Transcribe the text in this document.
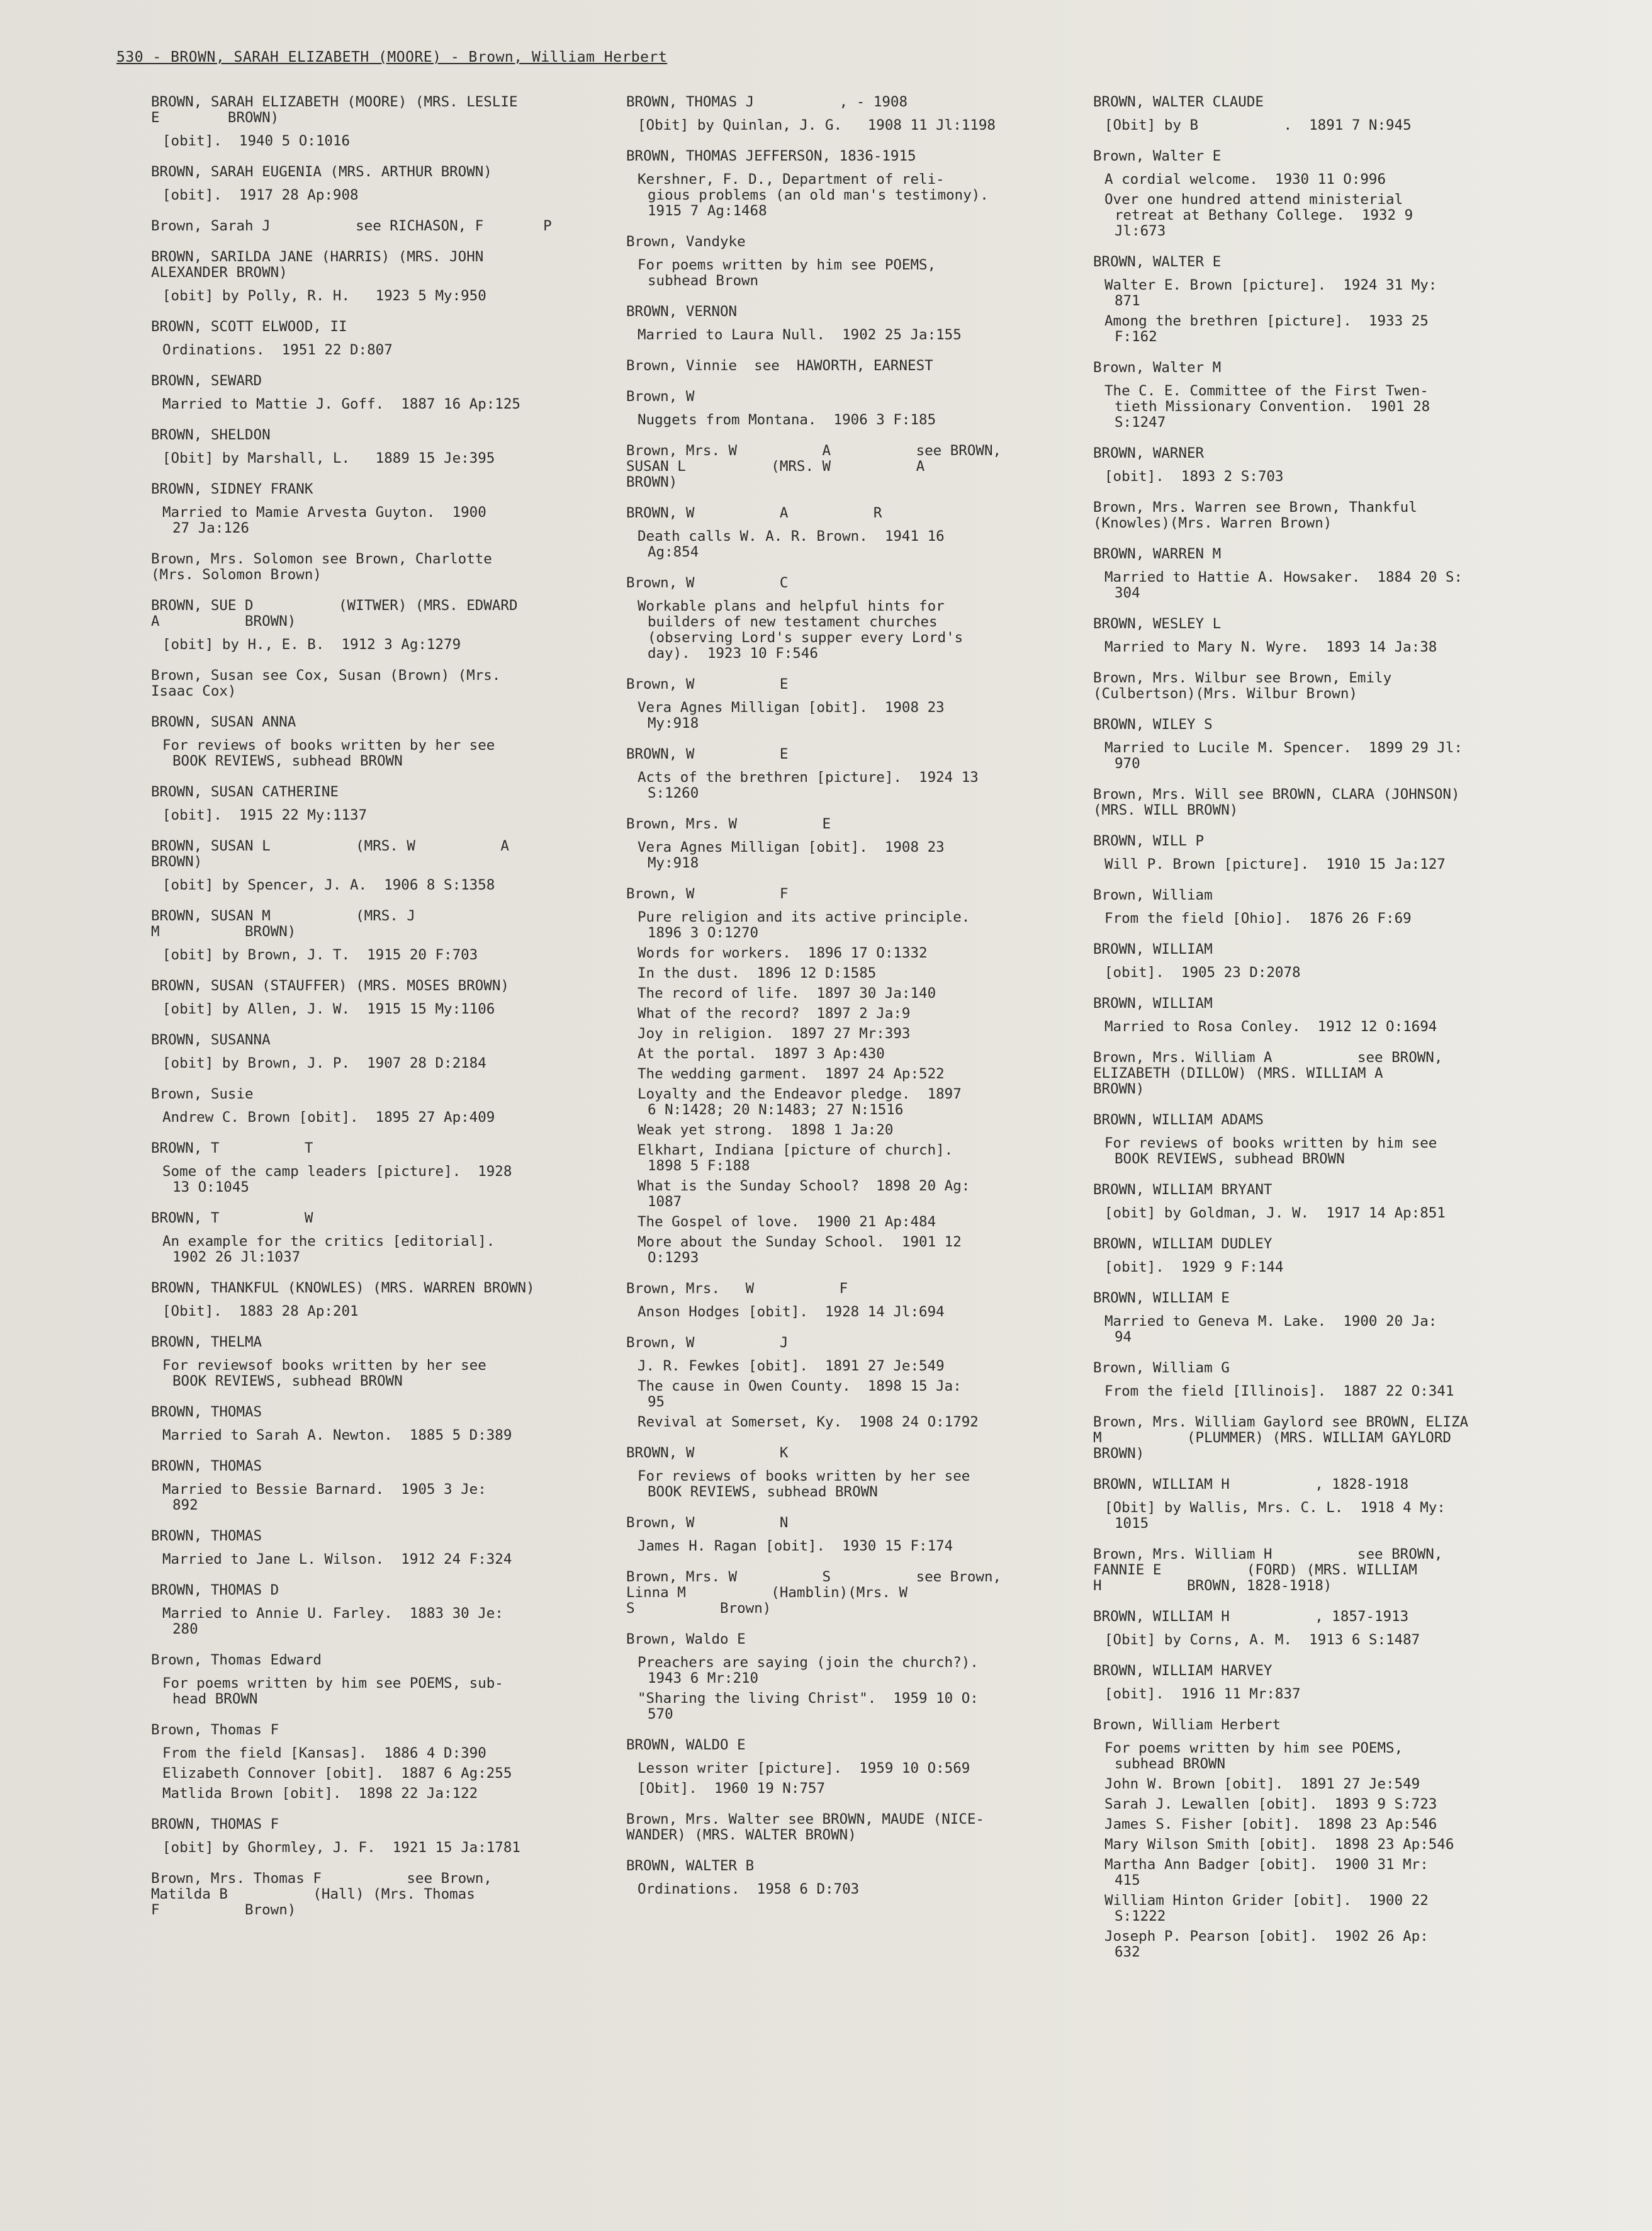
530 - BROWN, SARAH ELIZABETH (MOORE) - Brown, William Herbert
BROWN, SARAH ELIZABETH (MOORE) (MRS. LESLIE
E        BROWN)
[obit].  1940 5 O:1016
BROWN, SARAH EUGENIA (MRS. ARTHUR BROWN)
[obit].  1917 28 Ap:908
Brown, Sarah J          see RICHASON, F       P
BROWN, SARILDA JANE (HARRIS) (MRS. JOHN
ALEXANDER BROWN)
[obit] by Polly, R. H.   1923 5 My:950
BROWN, SCOTT ELWOOD, II
Ordinations.  1951 22 D:807
BROWN, SEWARD
Married to Mattie J. Goff.  1887 16 Ap:125
BROWN, SHELDON
[Obit] by Marshall, L.   1889 15 Je:395
BROWN, SIDNEY FRANK
Married to Mamie Arvesta Guyton.  1900
27 Ja:126
Brown, Mrs. Solomon see Brown, Charlotte
(Mrs. Solomon Brown)
BROWN, SUE D          (WITWER) (MRS. EDWARD
A          BROWN)
[obit] by H., E. B.  1912 3 Ag:1279
Brown, Susan see Cox, Susan (Brown) (Mrs.
Isaac Cox)
BROWN, SUSAN ANNA
For reviews of books written by her see
BOOK REVIEWS, subhead BROWN
BROWN, SUSAN CATHERINE
[obit].  1915 22 My:1137
BROWN, SUSAN L          (MRS. W          A
BROWN)
[obit] by Spencer, J. A.  1906 8 S:1358
BROWN, SUSAN M          (MRS. J
M          BROWN)
[obit] by Brown, J. T.  1915 20 F:703
BROWN, SUSAN (STAUFFER) (MRS. MOSES BROWN)
[obit] by Allen, J. W.  1915 15 My:1106
BROWN, SUSANNA
[obit] by Brown, J. P.  1907 28 D:2184
Brown, Susie
Andrew C. Brown [obit].  1895 27 Ap:409
BROWN, T          T
Some of the camp leaders [picture].  1928
13 O:1045
BROWN, T          W
An example for the critics [editorial].
1902 26 Jl:1037
BROWN, THANKFUL (KNOWLES) (MRS. WARREN BROWN)
[Obit].  1883 28 Ap:201
BROWN, THELMA
For reviewsof books written by her see
BOOK REVIEWS, subhead BROWN
BROWN, THOMAS
Married to Sarah A. Newton.  1885 5 D:389
BROWN, THOMAS
Married to Bessie Barnard.  1905 3 Je:
892
BROWN, THOMAS
Married to Jane L. Wilson.  1912 24 F:324
BROWN, THOMAS D
Married to Annie U. Farley.  1883 30 Je:
280
Brown, Thomas Edward
For poems written by him see POEMS, sub-
head BROWN
Brown, Thomas F
From the field [Kansas].  1886 4 D:390
Elizabeth Connover [obit].  1887 6 Ag:255
Matlida Brown [obit].  1898 22 Ja:122
BROWN, THOMAS F
[obit] by Ghormley, J. F.  1921 15 Ja:1781
Brown, Mrs. Thomas F          see Brown,
Matilda B          (Hall) (Mrs. Thomas
F          Brown)
BROWN, THOMAS J          , - 1908
[Obit] by Quinlan, J. G.   1908 11 Jl:1198
BROWN, THOMAS JEFFERSON, 1836-1915
Kershner, F. D., Department of reli-
gious problems (an old man's testimony).
1915 7 Ag:1468
Brown, Vandyke
For poems written by him see POEMS,
subhead Brown
BROWN, VERNON
Married to Laura Null.  1902 25 Ja:155
Brown, Vinnie  see  HAWORTH, EARNEST
Brown, W
Nuggets from Montana.  1906 3 F:185
Brown, Mrs. W          A          see BROWN,
SUSAN L          (MRS. W          A
BROWN)
BROWN, W          A          R
Death calls W. A. R. Brown.  1941 16
Ag:854
Brown, W          C
Workable plans and helpful hints for
builders of new testament churches
(observing Lord's supper every Lord's
day).  1923 10 F:546
Brown, W          E
Vera Agnes Milligan [obit].  1908 23
My:918
BROWN, W          E
Acts of the brethren [picture].  1924 13
S:1260
Brown, Mrs. W          E
Vera Agnes Milligan [obit].  1908 23
My:918
Brown, W          F
Pure religion and its active principle.
1896 3 O:1270
Words for workers.  1896 17 O:1332
In the dust.  1896 12 D:1585
The record of life.  1897 30 Ja:140
What of the record?  1897 2 Ja:9
Joy in religion.  1897 27 Mr:393
At the portal.  1897 3 Ap:430
The wedding garment.  1897 24 Ap:522
Loyalty and the Endeavor pledge.  1897
6 N:1428; 20 N:1483; 27 N:1516
Weak yet strong.  1898 1 Ja:20
Elkhart, Indiana [picture of church].
1898 5 F:188
What is the Sunday School?  1898 20 Ag:
1087
The Gospel of love.  1900 21 Ap:484
More about the Sunday School.  1901 12
O:1293
Brown, Mrs.   W          F
Anson Hodges [obit].  1928 14 Jl:694
Brown, W          J
J. R. Fewkes [obit].  1891 27 Je:549
The cause in Owen County.  1898 15 Ja:
95
Revival at Somerset, Ky.  1908 24 O:1792
BROWN, W          K
For reviews of books written by her see
BOOK REVIEWS, subhead BROWN
Brown, W          N
James H. Ragan [obit].  1930 15 F:174
Brown, Mrs. W          S          see Brown,
Linna M          (Hamblin)(Mrs. W
S          Brown)
Brown, Waldo E
Preachers are saying (join the church?).
1943 6 Mr:210
"Sharing the living Christ".  1959 10 O:
570
BROWN, WALDO E
Lesson writer [picture].  1959 10 O:569
[Obit].  1960 19 N:757
Brown, Mrs. Walter see BROWN, MAUDE (NICE-
WANDER) (MRS. WALTER BROWN)
BROWN, WALTER B
Ordinations.  1958 6 D:703
BROWN, WALTER CLAUDE
[Obit] by B          .  1891 7 N:945
Brown, Walter E
A cordial welcome.  1930 11 O:996
Over one hundred attend ministerial
retreat at Bethany College.  1932 9
Jl:673
BROWN, WALTER E
Walter E. Brown [picture].  1924 31 My:
871
Among the brethren [picture].  1933 25
F:162
Brown, Walter M
The C. E. Committee of the First Twen-
tieth Missionary Convention.  1901 28
S:1247
BROWN, WARNER
[obit].  1893 2 S:703
Brown, Mrs. Warren see Brown, Thankful
(Knowles)(Mrs. Warren Brown)
BROWN, WARREN M
Married to Hattie A. Howsaker.  1884 20 S:
304
BROWN, WESLEY L
Married to Mary N. Wyre.  1893 14 Ja:38
Brown, Mrs. Wilbur see Brown, Emily
(Culbertson)(Mrs. Wilbur Brown)
BROWN, WILEY S
Married to Lucile M. Spencer.  1899 29 Jl:
970
Brown, Mrs. Will see BROWN, CLARA (JOHNSON)
(MRS. WILL BROWN)
BROWN, WILL P
Will P. Brown [picture].  1910 15 Ja:127
Brown, William
From the field [Ohio].  1876 26 F:69
BROWN, WILLIAM
[obit].  1905 23 D:2078
BROWN, WILLIAM
Married to Rosa Conley.  1912 12 O:1694
Brown, Mrs. William A          see BROWN,
ELIZABETH (DILLOW) (MRS. WILLIAM A
BROWN)
BROWN, WILLIAM ADAMS
For reviews of books written by him see
BOOK REVIEWS, subhead BROWN
BROWN, WILLIAM BRYANT
[obit] by Goldman, J. W.  1917 14 Ap:851
BROWN, WILLIAM DUDLEY
[obit].  1929 9 F:144
BROWN, WILLIAM E
Married to Geneva M. Lake.  1900 20 Ja:
94
Brown, William G
From the field [Illinois].  1887 22 O:341
Brown, Mrs. William Gaylord see BROWN, ELIZA
M          (PLUMMER) (MRS. WILLIAM GAYLORD
BROWN)
BROWN, WILLIAM H          , 1828-1918
[Obit] by Wallis, Mrs. C. L.  1918 4 My:
1015
Brown, Mrs. William H          see BROWN,
FANNIE E          (FORD) (MRS. WILLIAM
H          BROWN, 1828-1918)
BROWN, WILLIAM H          , 1857-1913
[Obit] by Corns, A. M.  1913 6 S:1487
BROWN, WILLIAM HARVEY
[obit].  1916 11 Mr:837
Brown, William Herbert
For poems written by him see POEMS,
subhead BROWN
John W. Brown [obit].  1891 27 Je:549
Sarah J. Lewallen [obit].  1893 9 S:723
James S. Fisher [obit].  1898 23 Ap:546
Mary Wilson Smith [obit].  1898 23 Ap:546
Martha Ann Badger [obit].  1900 31 Mr:
415
William Hinton Grider [obit].  1900 22
S:1222
Joseph P. Pearson [obit].  1902 26 Ap:
632
